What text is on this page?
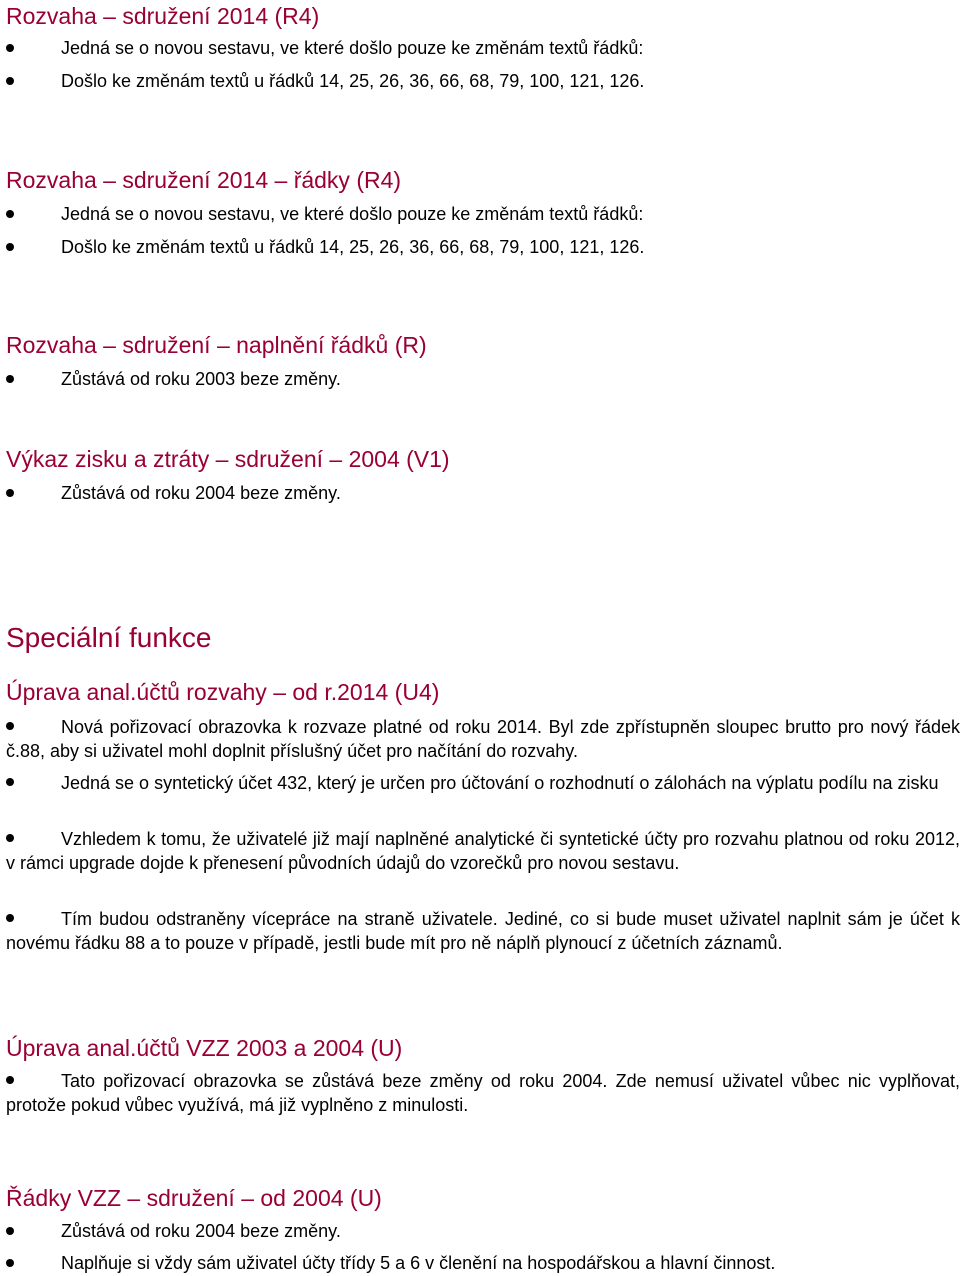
Rozvaha – sdružení 2014 (R4)
Jedná se o novou sestavu, ve které došlo pouze ke změnám textů řádků:
Došlo ke změnám textů u řádků 14, 25, 26, 36, 66, 68, 79, 100, 121, 126.
Rozvaha – sdružení 2014 – řádky (R4)
Jedná se o novou sestavu, ve které došlo pouze ke změnám textů řádků:
Došlo ke změnám textů u řádků 14, 25, 26, 36, 66, 68, 79, 100, 121, 126.
Rozvaha – sdružení – naplnění řádků (R)
Zůstává od roku 2003 beze změny.
Výkaz zisku a ztráty – sdružení – 2004 (V1)
Zůstává od roku 2004 beze změny.
Speciální funkce
Úprava anal.účtů rozvahy – od r.2014 (U4)

Nová pořizovací obrazovka k rozvaze platné od roku 2014. Byl zde zpřístupněn sloupec brutto pro nový řádek č.88, aby si uživatel mohl doplnit příslušný účet pro načítání do rozvahy.

Jedná se o syntetický účet 432, který je určen pro účtování o rozhodnutí o zálohách na výplatu podílu na zisku

Vzhledem k tomu, že uživatelé již mají naplněné analytické či syntetické účty pro rozvahu platnou od roku 2012, v rámci upgrade dojde k přenesení původních údajů do vzorečků pro novou sestavu.

Tím budou odstraněny vícepráce na straně uživatele. Jediné, co si bude muset uživatel naplnit sám je účet k novému řádku 88 a to pouze v případě, jestli bude mít pro ně náplň plynoucí z účetních záznamů.

Úprava anal.účtů VZZ 2003 a 2004 (U)

Tato pořizovací obrazovka se zůstává beze změny od roku 2004. Zde nemusí uživatel vůbec nic vyplňovat, protože pokud vůbec využívá, má již vyplněno z minulosti.

Řádky VZZ – sdružení – od 2004 (U)
Zůstává od roku 2004 beze změny.
Naplňuje si vždy sám uživatel účty třídy 5 a 6 v členění na hospodářskou a hlavní činnost.
